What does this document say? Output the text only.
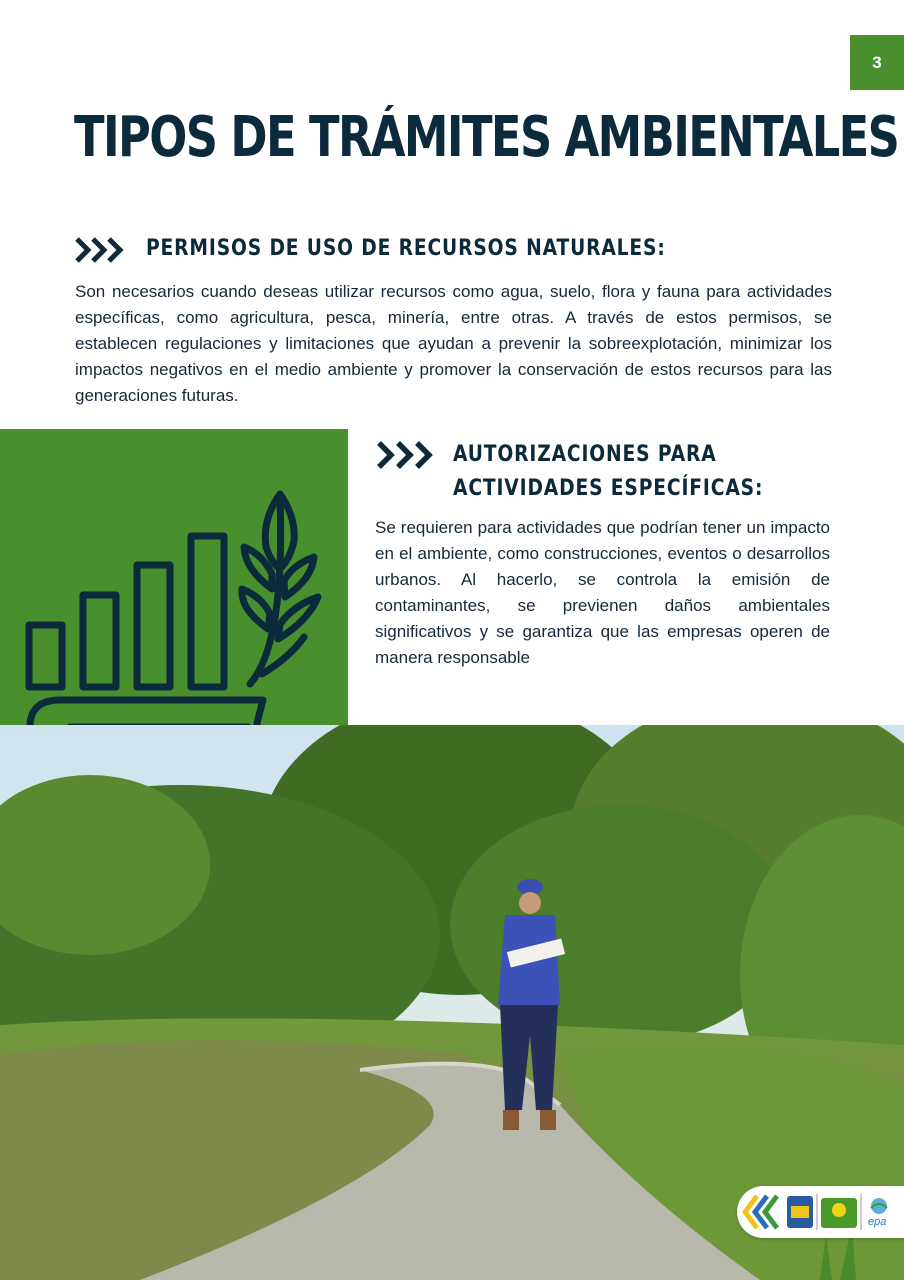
3
TIPOS DE TRÁMITES AMBIENTALES
PERMISOS DE USO DE RECURSOS NATURALES:

Son necesarios cuando deseas utilizar recursos como agua, suelo, flora y fauna para actividades específicas, como agricultura, pesca, minería, entre otras. A través de estos permisos, se establecen regulaciones y limitaciones que ayudan a prevenir la sobreexplotación, minimizar los impactos negativos en el medio ambiente y promover la conservación de estos recursos para las generaciones futuras.

AUTORIZACIONES PARA
ACTIVIDADES ESPECÍFICAS:

Se requieren para actividades que podrían tener un impacto en el ambiente, como construcciones, eventos o desarrollos urbanos. Al hacerlo, se controla la emisión de contaminantes, se previenen daños ambientales significativos y se garantiza que las empresas operen de manera responsable

epa
